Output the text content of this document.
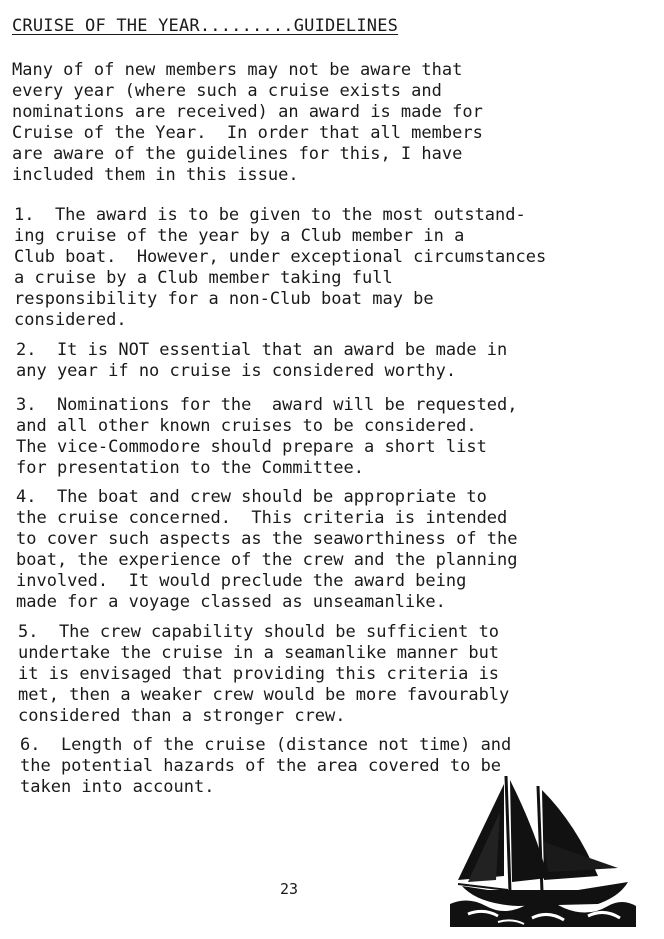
CRUISE OF THE YEAR.........GUIDELINES

Many of of new members may not be aware that
every year (where such a cruise exists and
nominations are received) an award is made for
Cruise of the Year.  In order that all members
are aware of the guidelines for this, I have
included them in this issue.

1.  The award is to be given to the most outstand-
ing cruise of the year by a Club member in a
Club boat.  However, under exceptional circumstances
a cruise by a Club member taking full
responsibility for a non-Club boat may be
considered.

2.  It is NOT essential that an award be made in
any year if no cruise is considered worthy.

3.  Nominations for the  award will be requested,
and all other known cruises to be considered.
The vice-Commodore should prepare a short list
for presentation to the Committee.

4.  The boat and crew should be appropriate to
the cruise concerned.  This criteria is intended
to cover such aspects as the seaworthiness of the
boat, the experience of the crew and the planning
involved.  It would preclude the award being
made for a voyage classed as unseamanlike.

5.  The crew capability should be sufficient to
undertake the cruise in a seamanlike manner but
it is envisaged that providing this criteria is
met, then a weaker crew would be more favourably
considered than a stronger crew.

6.  Length of the cruise (distance not time) and
the potential hazards of the area covered to be
taken into account.

23
